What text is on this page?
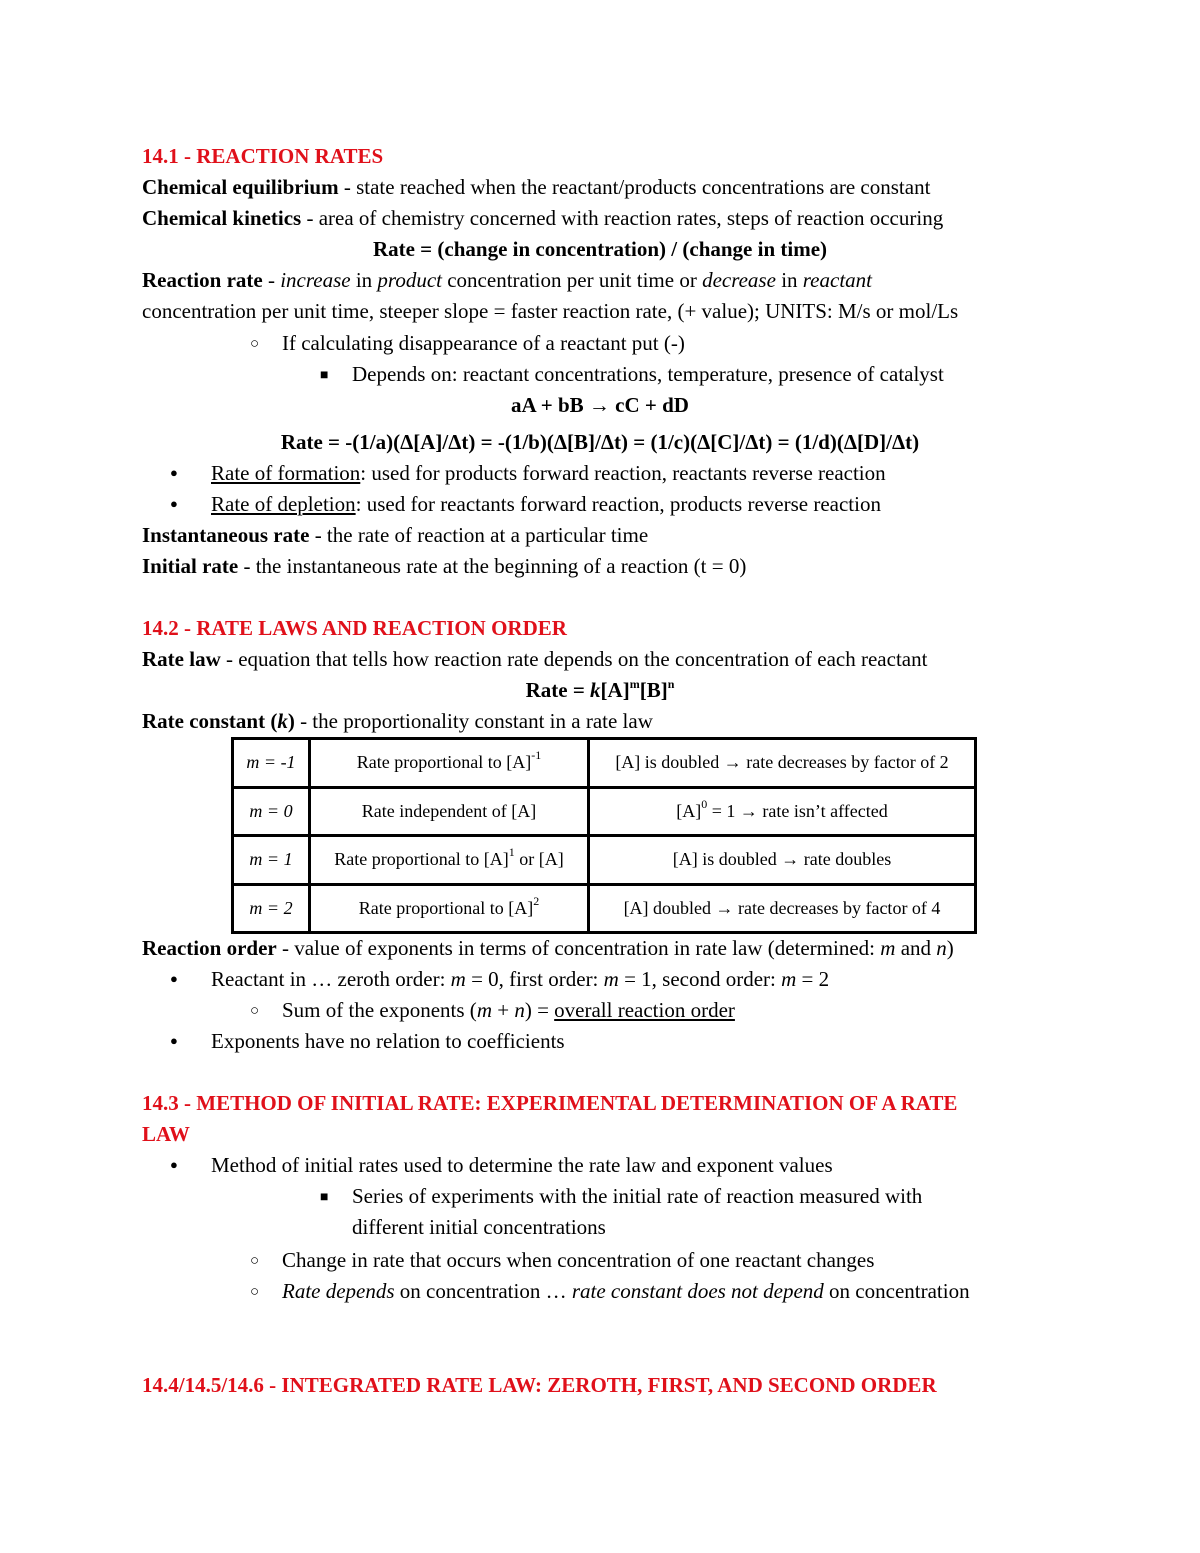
14.1 - REACTION RATES
Chemical equilibrium - state reached when the reactant/products concentrations are constant
Chemical kinetics - area of chemistry concerned with reaction rates, steps of reaction occuring
Rate = (change in concentration) / (change in time)
Reaction rate - increase in product concentration per unit time or decrease in reactant
concentration per unit time, steeper slope = faster reaction rate, (+ value); UNITS: M/s or mol/Ls
○
If calculating disappearance of a reactant put (-)
■
Depends on: reactant concentrations, temperature, presence of catalyst
aA + bB → cC + dD
Rate = -(1/a)(Δ[A]/Δt) = -(1/b)(Δ[B]/Δt) = (1/c)(Δ[C]/Δt) = (1/d)(Δ[D]/Δt)
●
Rate of formation: used for products forward reaction, reactants reverse reaction
●
Rate of depletion: used for reactants forward reaction, products reverse reaction
Instantaneous rate - the rate of reaction at a particular time
Initial rate - the instantaneous rate at the beginning of a reaction (t = 0)
14.2 - RATE LAWS AND REACTION ORDER
Rate law - equation that tells how reaction rate depends on the concentration of each reactant
Rate = $k[A]^m[B]^n$
Rate constant (k) - the proportionality constant in a rate law
m = -1	Rate proportional to $[A]^{-1}$	[A] is doubled → rate decreases by factor of 2
m = 0	Rate independent of [A]	$[A]^0 = 1$ → rate isn’t affected
m = 1	Rate proportional to $[A]^1$ or [A]	[A] is doubled → rate doubles
m = 2	Rate proportional to $[A]^2$	[A] doubled → rate decreases by factor of 4
Reaction order - value of exponents in terms of concentration in rate law (determined: m and n)
●
Reactant in … zeroth order: m = 0, first order: m = 1, second order: m = 2
○
Sum of the exponents (m + n) = overall reaction order
●
Exponents have no relation to coefficients
14.3 - METHOD OF INITIAL RATE: EXPERIMENTAL DETERMINATION OF A RATE
LAW
●
Method of initial rates used to determine the rate law and exponent values
■
Series of experiments with the initial rate of reaction measured with
different initial concentrations
○
Change in rate that occurs when concentration of one reactant changes
○
Rate depends on concentration … rate constant does not depend on concentration
14.4/14.5/14.6 - INTEGRATED RATE LAW: ZEROTH, FIRST, AND SECOND ORDER
